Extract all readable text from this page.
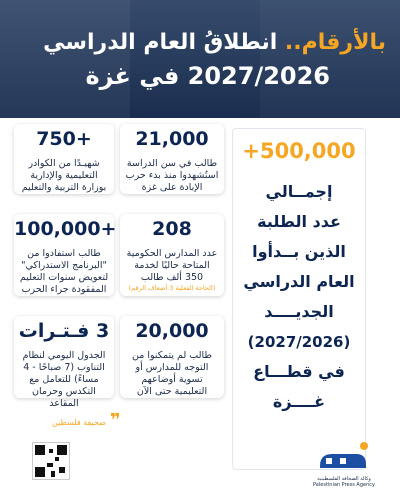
بالأرقام.. انطلاقُ العام الدراسي
2027/2026 في غزة
+500,000
إجمــالي
عدد الطلبة
الذين بــدأوا
العام الدراسي
الجديــــد
(2027/2026)
في قطـــاع
غــــزة
21,000
طالب في سن الدراسة استُشهدوا منذ بدء حرب الإبادة على غزة
750+
شهيـدًا من الكوادر التعليمية والإدارية بوزارة التربية والتعليم
208
عدد المدارس الحكومية المتاحة حاليًا لخدمة 350 ألف طالب
(الحاجة الفعلية 3 أضعاف الرقم)
100,000+
طالب استفادوا من "البرنامج الاستدراكي" لتعويض سنوات التعليم المفقودة جراء الحرب
20,000
طالب لم يتمكنوا من التوجه للمدارس أو تسوية أوضاعهم التعليمية حتى الآن
3 فـتـرات
الجدول اليومي لنظام التناوب (7 صباحًا - 4 مساءً) للتعامل مع التكدس وحرمان المقاعد
❞
صحيفة فلسطين
وكالة الصحافة الفلسطينية Palestinian Press Agency
